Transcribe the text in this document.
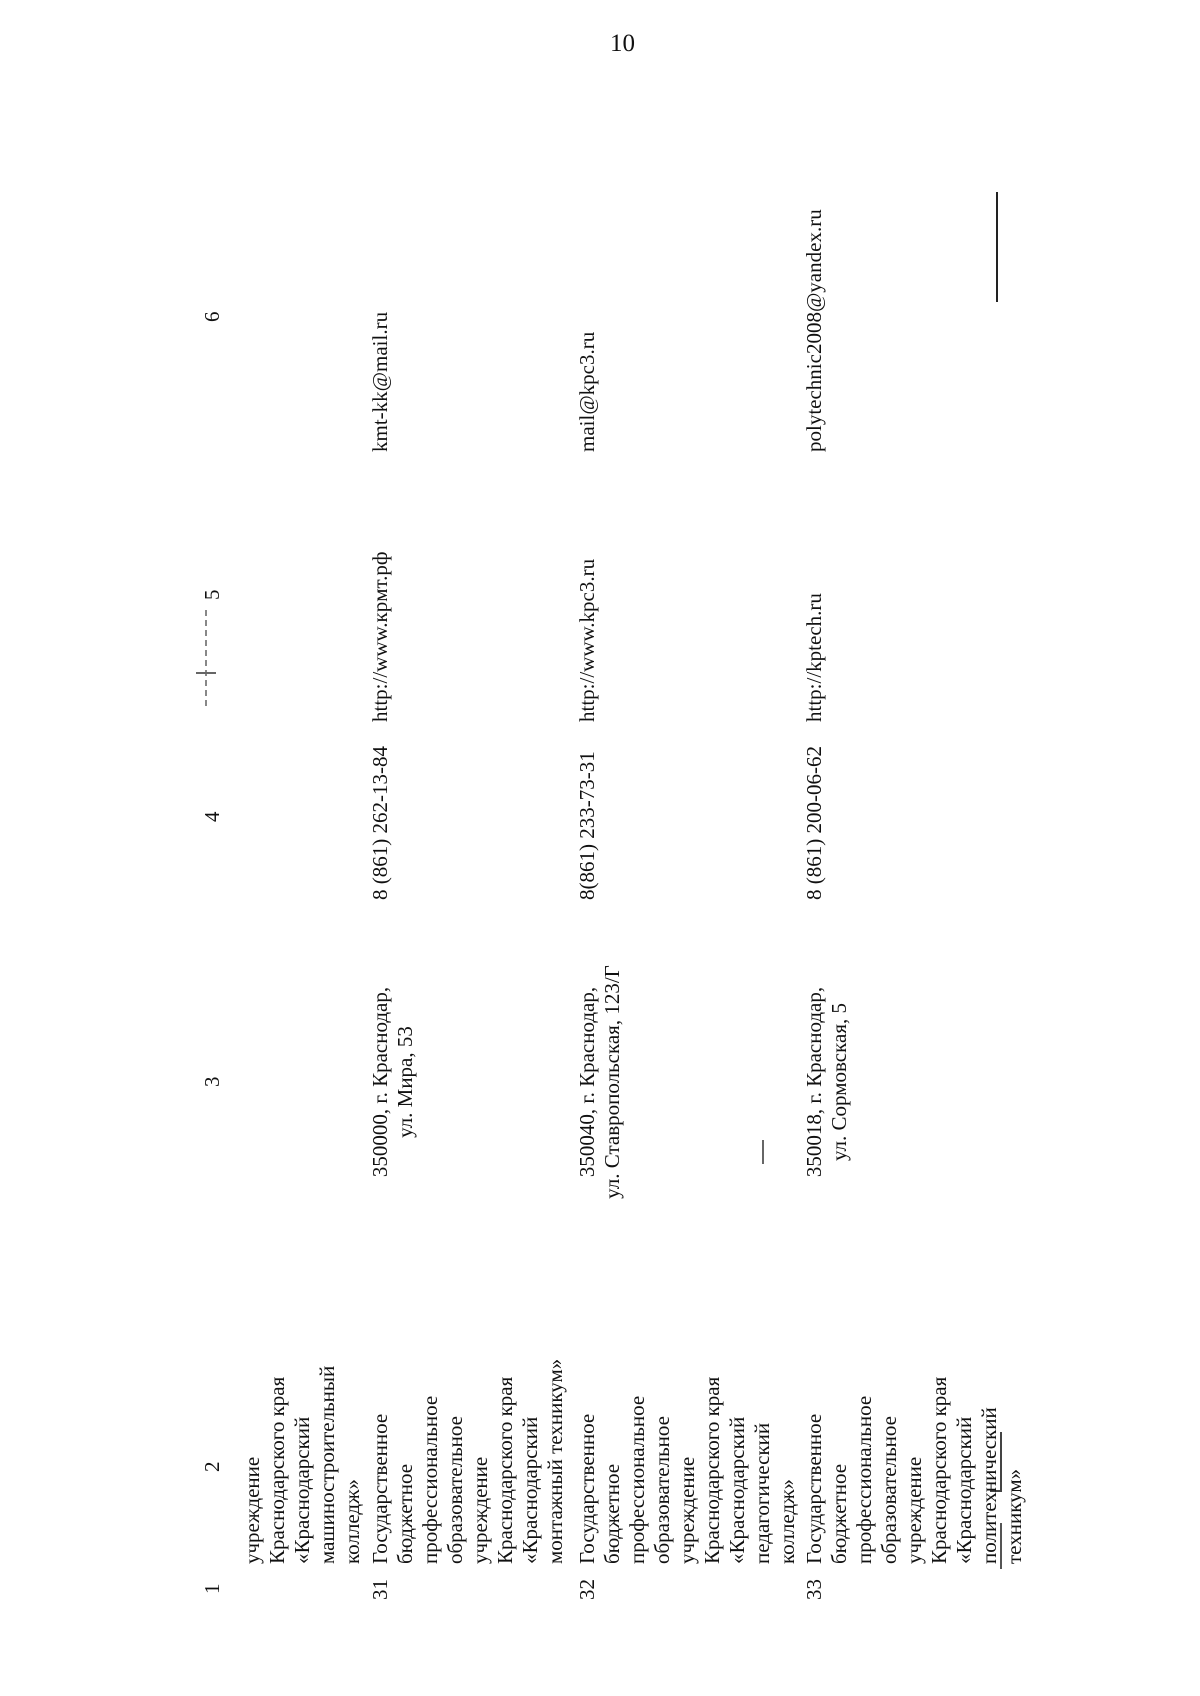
10
1
2
3
4
5
6
учреждение Краснодарского края «Краснодарский машиностроительный колледж»
31
Государственное бюджетное профессиональное образовательное учреждение Краснодарского края «Краснодарский монтажный техникум»
350000, г. Краснодар, ул. Мира, 53
8 (861) 262-13-84
http://www.кpмт.pф
kmt-kk@mail.ru
32
Государственное бюджетное профессиональное образовательное учреждение Краснодарского края «Краснодарский педагогический колледж»
350040, г. Краснодар, ул. Ставропольская, 123/Г
8(861) 233-73-31
http://www.kpc3.ru
mail@kpc3.ru
33
Государственное бюджетное профессиональное образовательное учреждение Краснодарского края «Краснодарский политехнический техникум»
350018, г. Краснодар, ул. Сормовская, 5
8 (861) 200-06-62
http://kptech.ru
polytechnic2008@yandex.ru
